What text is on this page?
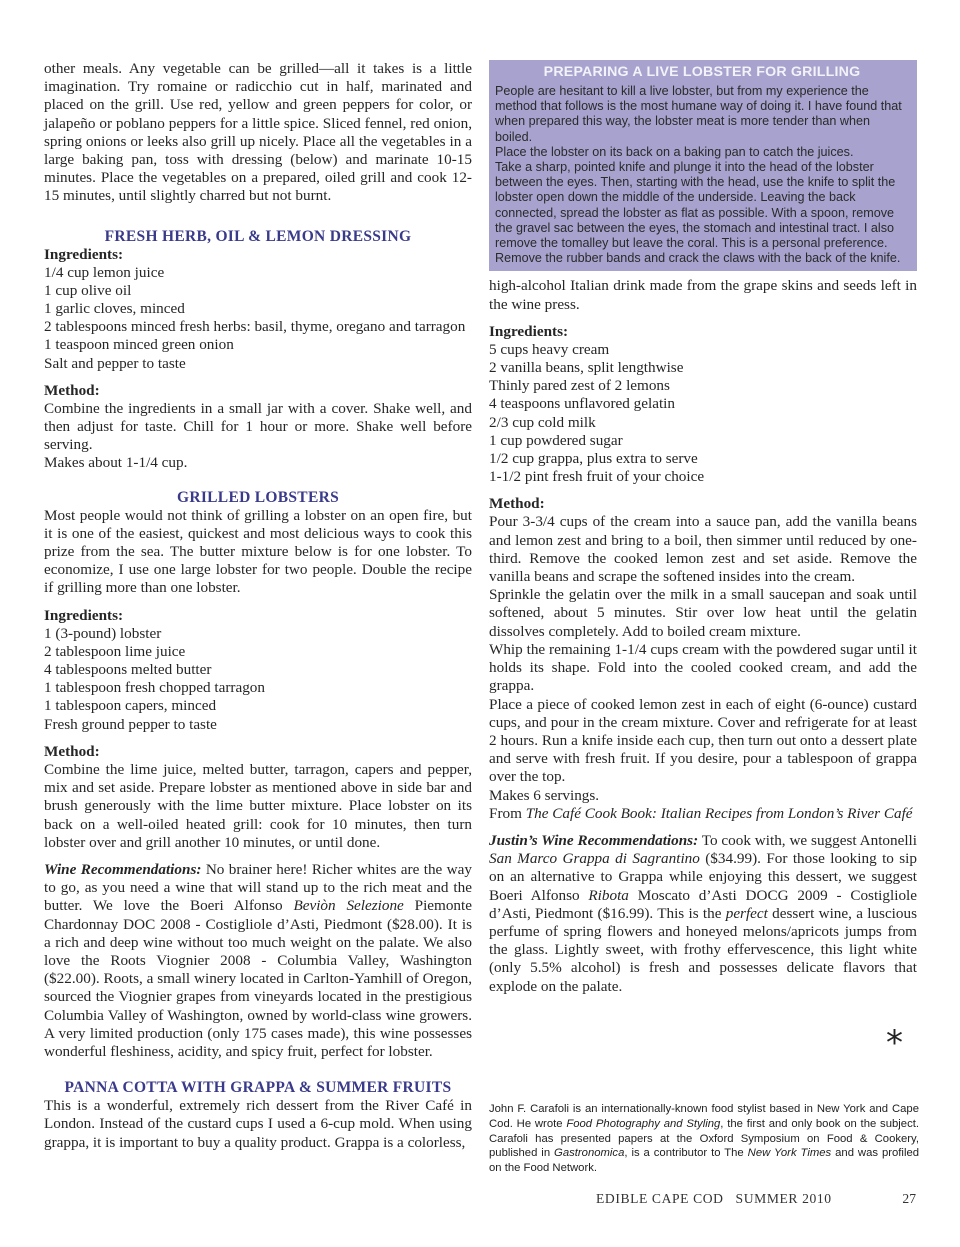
other meals. Any vegetable can be grilled—all it takes is a little imagination. Try romaine or radicchio cut in half, marinated and placed on the grill. Use red, yellow and green peppers for color, or jalapeño or poblano peppers for a little spice. Sliced fennel, red onion, spring onions or leeks also grill up nicely. Place all the vegetables in a large baking pan, toss with dressing (below) and marinate 10-15 minutes. Place the vegetables on a prepared, oiled grill and cook 12-15 minutes, until slightly charred but not burnt.

FRESH HERB, OIL & LEMON DRESSING

Ingredients:

1/4 cup lemon juice
1 cup olive oil
1 garlic cloves, minced
2 tablespoons minced fresh herbs: basil, thyme, oregano and tarragon
1 teaspoon minced green onion
Salt and pepper to taste

Method:

Combine the ingredients in a small jar with a cover. Shake well, and then adjust for taste. Chill for 1 hour or more. Shake well before serving.

Makes about 1-1/4 cup.

GRILLED LOBSTERS

Most people would not think of grilling a lobster on an open fire, but it is one of the easiest, quickest and most delicious ways to cook this prize from the sea. The butter mixture below is for one lobster. To economize, I use one large lobster for two people. Double the recipe if grilling more than one lobster.

Ingredients:

1 (3-pound) lobster
2 tablespoon lime juice
4 tablespoons melted butter
1 tablespoon fresh chopped tarragon
1 tablespoon capers, minced
Fresh ground pepper to taste

Method:

Combine the lime juice, melted butter, tarragon, capers and pepper, mix and set aside. Prepare lobster as mentioned above in side bar and brush generously with the lime butter mixture. Place lobster on its back on a well-oiled heated grill: cook for 10 minutes, then turn lobster over and grill another 10 minutes, or until done.

Wine Recommendations: No brainer here! Richer whites are the way to go, as you need a wine that will stand up to the rich meat and the butter. We love the Boeri Alfonso Beviòn Selezione Piemonte Chardonnay DOC 2008 - Costigliole d’Asti, Piedmont ($28.00). It is a rich and deep wine without too much weight on the palate. We also love the Roots Viognier 2008 - Columbia Valley, Washington ($22.00). Roots, a small winery located in Carlton-Yamhill of Oregon, sourced the Viognier grapes from vineyards located in the prestigious Columbia Valley of Washington, owned by world-class wine growers. A very limited production (only 175 cases made), this wine possesses wonderful fleshiness, acidity, and spicy fruit, perfect for lobster.

PANNA COTTA WITH GRAPPA & SUMMER FRUITS

This is a wonderful, extremely rich dessert from the River Café in London. Instead of the custard cups I used a 6-cup mold. When using grappa, it is important to buy a quality product. Grappa is a colorless,

PREPARING A LIVE LOBSTER FOR GRILLING

People are hesitant to kill a live lobster, but from my experience the method that follows is the most humane way of doing it. I have found that when prepared this way, the lobster meat is more tender than when boiled.

Place the lobster on its back on a baking pan to catch the juices.

Take a sharp, pointed knife and plunge it into the head of the lobster between the eyes. Then, starting with the head, use the knife to split the lobster open down the middle of the underside. Leaving the back connected, spread the lobster as flat as possible. With a spoon, remove the gravel sac between the eyes, the stomach and intestinal tract. I also remove the tomalley but leave the coral. This is a personal preference.

Remove the rubber bands and crack the claws with the back of the knife.

high-alcohol Italian drink made from the grape skins and seeds left in the wine press.

Ingredients:

5 cups heavy cream
2 vanilla beans, split lengthwise
Thinly pared zest of 2 lemons
4 teaspoons unflavored gelatin
2/3 cup cold milk
1 cup powdered sugar
1/2 cup grappa, plus extra to serve
1-1/2 pint fresh fruit of your choice

Method:

Pour 3-3/4 cups of the cream into a sauce pan, add the vanilla beans and lemon zest and bring to a boil, then simmer until reduced by one-third. Remove the cooked lemon zest and set aside. Remove the vanilla beans and scrape the softened insides into the cream.

Sprinkle the gelatin over the milk in a small saucepan and soak until softened, about 5 minutes. Stir over low heat until the gelatin dissolves completely. Add to boiled cream mixture.

Whip the remaining 1-1/4 cups cream with the powdered sugar until it holds its shape. Fold into the cooled cooked cream, and add the grappa.

Place a piece of cooked lemon zest in each of eight (6-ounce) custard cups, and pour in the cream mixture. Cover and refrigerate for at least 2 hours. Run a knife inside each cup, then turn out onto a dessert plate and serve with fresh fruit. If you desire, pour a tablespoon of grappa over the top.

Makes 6 servings.

From The Café Cook Book: Italian Recipes from London’s River Café

Justin’s Wine Recommendations: To cook with, we suggest Antonelli San Marco Grappa di Sagrantino ($34.99). For those looking to sip on an alternative to Grappa while enjoying this dessert, we suggest Boeri Alfonso Ribota Moscato d’Asti DOCG 2009 - Costigliole d’Asti, Piedmont ($16.99). This is the perfect dessert wine, a luscious perfume of spring flowers and honeyed melons/apricots jumps from the glass. Lightly sweet, with frothy effervescence, this light white (only 5.5% alcohol) is fresh and possesses delicate flavors that explode on the palate.

*

John F. Carafoli is an internationally-known food stylist based in New York and Cape Cod. He wrote Food Photography and Styling, the first and only book on the subject. Carafoli has presented papers at the Oxford Symposium on Food & Cookery, published in Gastronomica, is a contributor to The New York Times and was profiled on the Food Network.

EDIBLE CAPE COD   SUMMER 2010	27
